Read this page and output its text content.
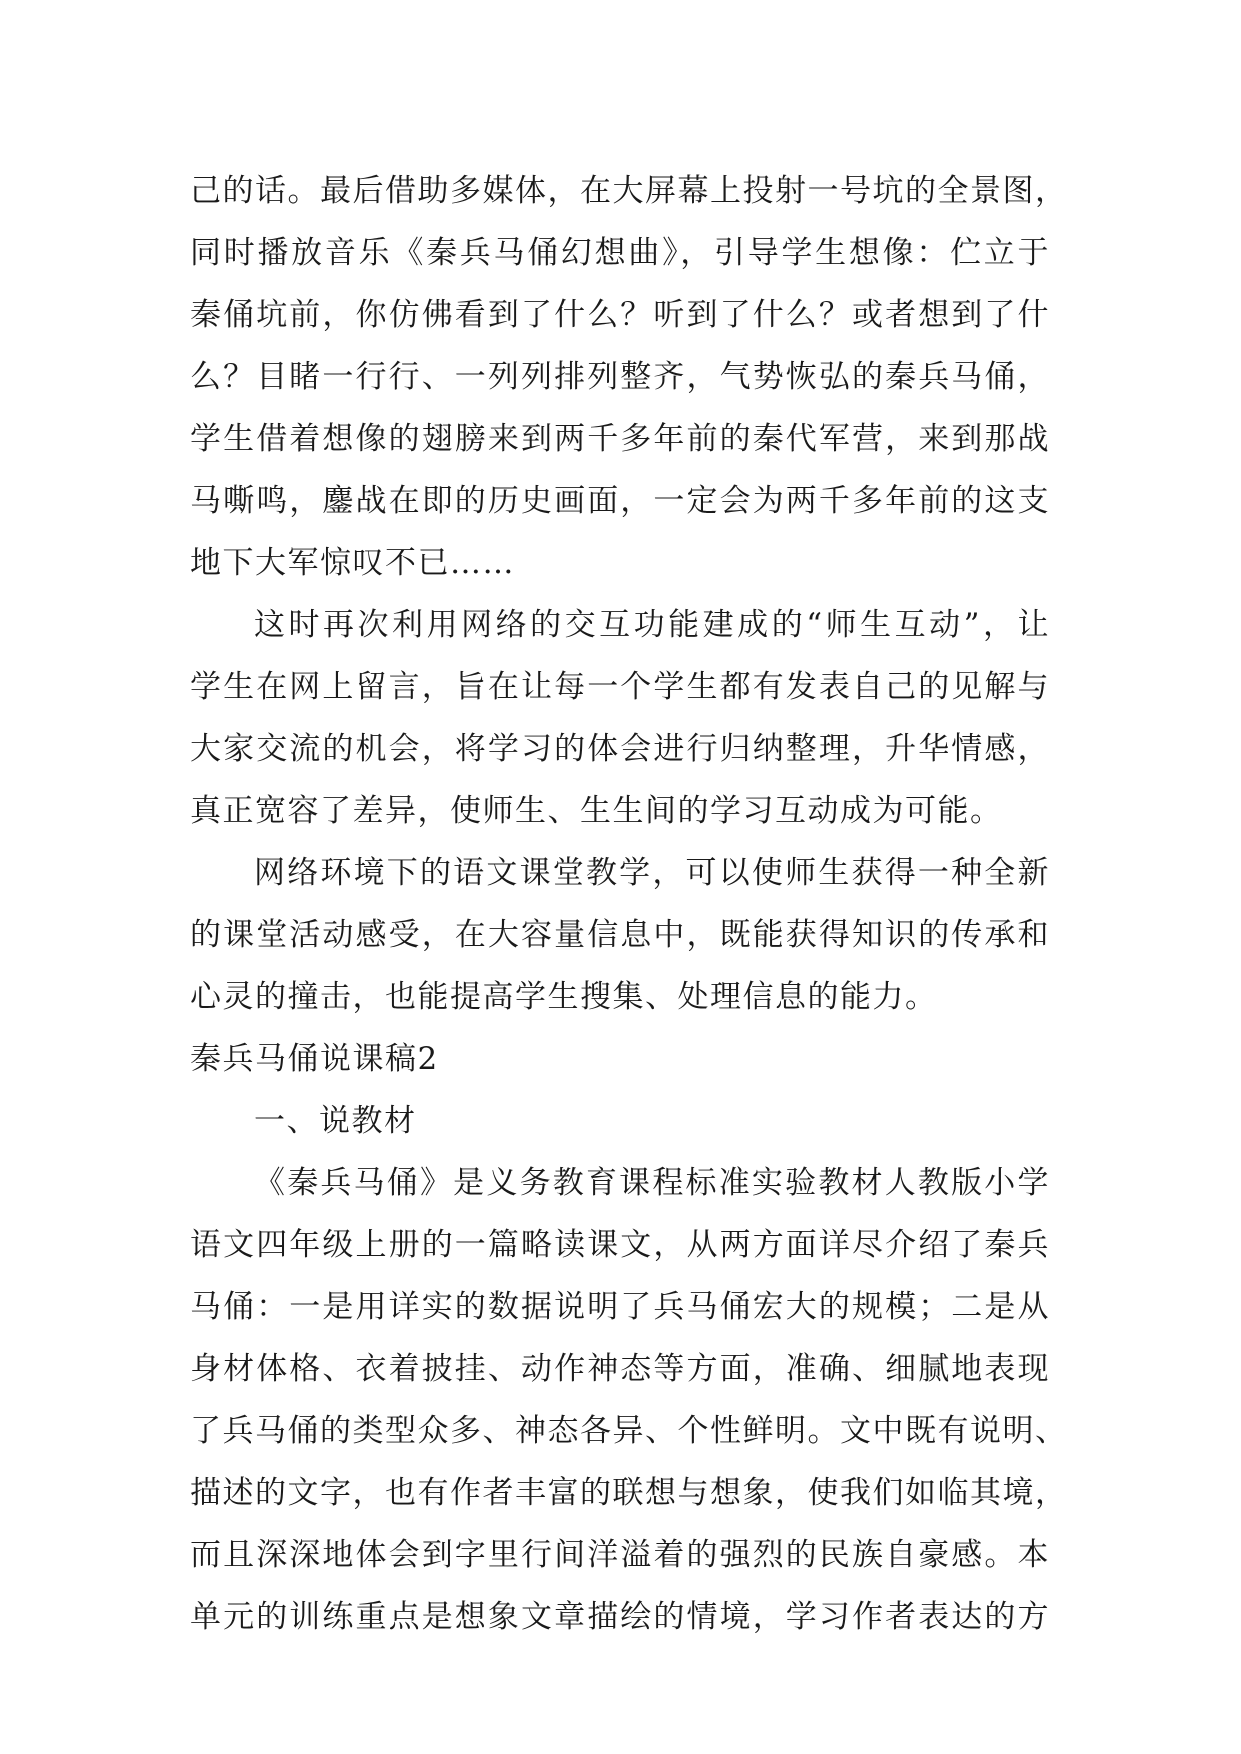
己的话。最后借助多媒体，在大屏幕上投射一号坑的全景图，
同时播放音乐《秦兵马俑幻想曲》，引导学生想像：伫立于
秦俑坑前，你仿佛看到了什么？听到了什么？或者想到了什
么？目睹一行行、一列列排列整齐，气势恢弘的秦兵马俑，
学生借着想像的翅膀来到两千多年前的秦代军营，来到那战
马嘶鸣，鏖战在即的历史画面，一定会为两千多年前的这支
地下大军惊叹不已……
这时再次利用网络的交互功能建成的“师生互动”，让
学生在网上留言，旨在让每一个学生都有发表自己的见解与
大家交流的机会，将学习的体会进行归纳整理，升华情感，
真正宽容了差异，使师生、生生间的学习互动成为可能。
网络环境下的语文课堂教学，可以使师生获得一种全新
的课堂活动感受，在大容量信息中，既能获得知识的传承和
心灵的撞击，也能提高学生搜集、处理信息的能力。
秦兵马俑说课稿2
一、说教材
《秦兵马俑》是义务教育课程标准实验教材人教版小学
语文四年级上册的一篇略读课文，从两方面详尽介绍了秦兵
马俑：一是用详实的数据说明了兵马俑宏大的规模；二是从
身材体格、衣着披挂、动作神态等方面，准确、细腻地表现
了兵马俑的类型众多、神态各异、个性鲜明。文中既有说明、
描述的文字，也有作者丰富的联想与想象，使我们如临其境，
而且深深地体会到字里行间洋溢着的强烈的民族自豪感。本
单元的训练重点是想象文章描绘的情境，学习作者表达的方
